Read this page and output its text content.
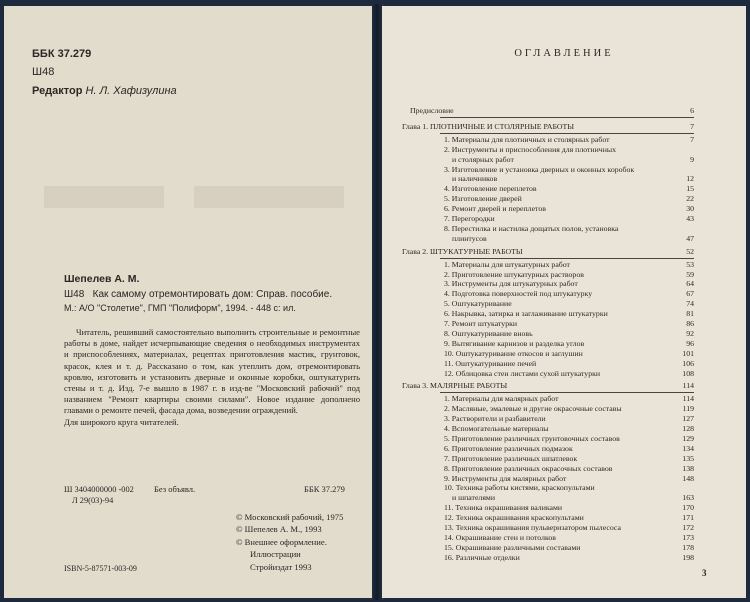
ББК 37.279
Ш48
Редактор Н. Л. Хафизулина
Шепелев А. М.
Ш48 Как самому отремонтировать дом: Справ. пособие.
М.: А/О "Столетие", ГМП "Полиформ", 1994. - 448 с: ил.

Читатель, решивший самостоятельно выполнить строительные и ремонтные работы в доме, найдет исчерпывающие сведения о необходимых инструментах и приспособлениях, материалах, рецептах приготовления мастик, грунтовок, красок, клея и т. д. Рассказано о том, как утеплить дом, отремонтировать кровлю, изготовить и установить дверные и оконные коробки, оштукатурить стены и т. д. Изд. 7-е вышло в 1987 г. в изд-ве "Московский рабочий" под названием "Ремонт квартиры своими силами". Новое издание дополнено главами о ремонте печей, фасада дома, возведении ограждений.
Для широкого круга читателей.

Ш 3404000000 -002
Л 29(03)-94
Без объявл.	ББК 37.279
© Московский рабочий, 1975
© Шепелев А. М., 1993
© Внешнее оформление.
Иллюстрации
Стройиздат 1993
ISBN-5-87571-003-09
ОГЛАВЛЕНИЕ
Предисловие	6
Глава 1. ПЛОТНИЧНЫЕ И СТОЛЯРНЫЕ РАБОТЫ	7
1. Материалы для плотничных и столярных работ	7
2. Инструменты и приспособления для плотничных
и столярных работ	9
3. Изготовление и установка дверных и оконных коробок
и наличников	12
4. Изготовление переплетов	15
5. Изготовление дверей	22
6. Ремонт дверей и переплетов	30
7. Перегородки	43
8. Перестилка и настилка дощатых полов, установка
плинтусов	47
Глава 2. ШТУКАТУРНЫЕ РАБОТЫ	52
1. Материалы для штукатурных работ	53
2. Приготовление штукатурных растворов	59
3. Инструменты для штукатурных работ	64
4. Подготовка поверхностей под штукатурку	67
5. Оштукатуривание	74
6. Накрывка, затирка и заглаживание штукатурки	81
7. Ремонт штукатурки	86
8. Оштукатуривание вновь	92
9. Вытягивание карнизов и разделка углов	96
10. Оштукатуривание откосов и заглушин	101
11. Оштукатуривание печей	106
12. Облицовка стен листами сухой штукатурки	108
Глава 3. МАЛЯРНЫЕ РАБОТЫ	114
1. Материалы для малярных работ	114
2. Масляные, эмалевые и другие окрасочные составы	119
3. Растворители и разбавители	127
4. Вспомогательные материалы	128
5. Приготовление различных грунтовочных составов	129
6. Приготовление различных подмазок	134
7. Приготовление различных шпатлевок	135
8. Приготовление различных окрасочных составов	138
9. Инструменты для малярных работ	148
10. Техника работы кистями, краскопультами
и шпателями	163
11. Техника окрашивания валиками	170
12. Техника окрашивания краскопультами	171
13. Техника окрашивания пульверизатором пылесоса	172
14. Окрашивание стен и потолков	173
15. Окрашивание различными составами	178
16. Различные отделки	198
3
